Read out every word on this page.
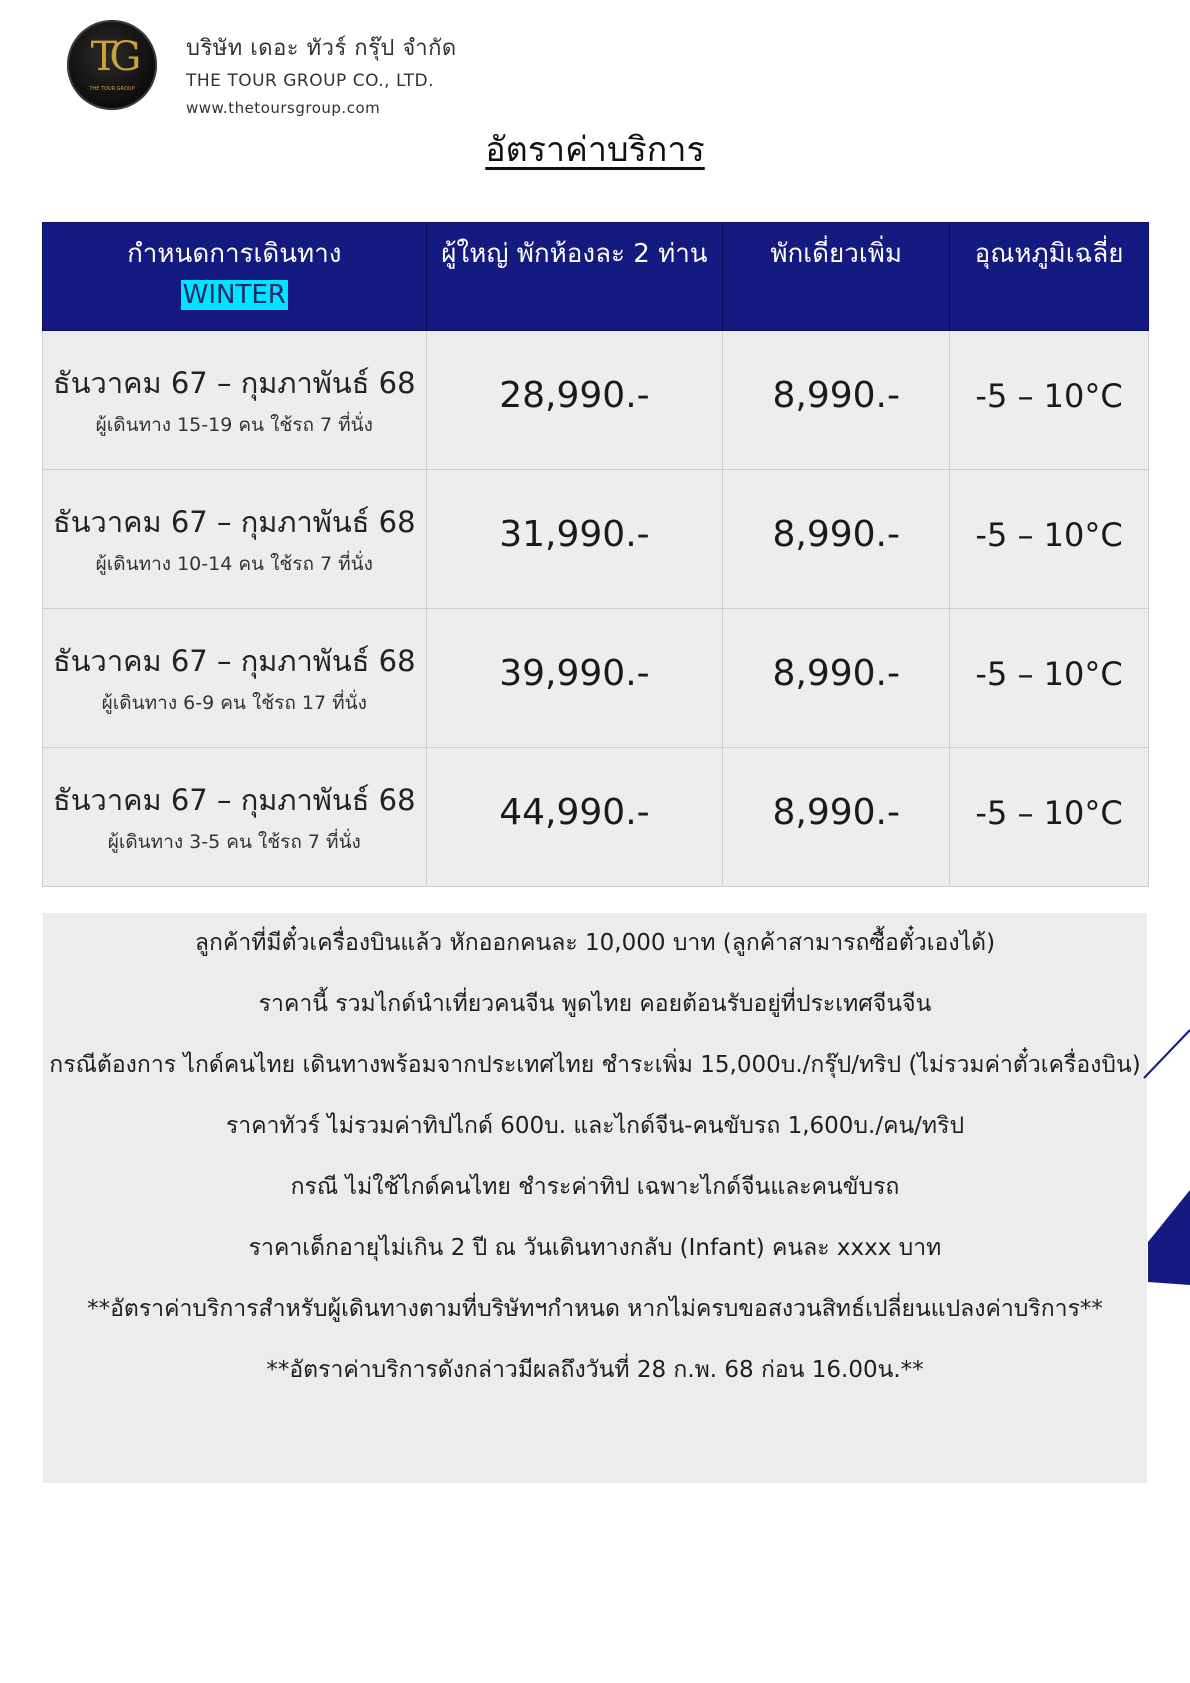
TG
THE TOUR GROUP
บริษัท เดอะ ทัวร์ กรุ๊ป จำกัด
THE TOUR GROUP CO., LTD.
www.thetoursgroup.com
อัตราค่าบริการ
กำหนดการเดินทาง
WINTER	ผู้ใหญ่ พักห้องละ 2 ท่าน	พักเดี่ยวเพิ่ม	อุณหภูมิเฉลี่ย

ธันวาคม 67 – กุมภาพันธ์ 68
ผู้เดินทาง 15-19 คน ใช้รถ 7 ที่นั่ง	28,990.-	8,990.-	-5 – 10°C

ธันวาคม 67 – กุมภาพันธ์ 68
ผู้เดินทาง 10-14 คน ใช้รถ 7 ที่นั่ง	31,990.-	8,990.-	-5 – 10°C

ธันวาคม 67 – กุมภาพันธ์ 68
ผู้เดินทาง 6-9 คน ใช้รถ 17 ที่นั่ง	39,990.-	8,990.-	-5 – 10°C

ธันวาคม 67 – กุมภาพันธ์ 68
ผู้เดินทาง 3-5 คน ใช้รถ 7 ที่นั่ง	44,990.-	8,990.-	-5 – 10°C
ลูกค้าที่มีตั๋วเครื่องบินแล้ว หักออกคนละ 10,000 บาท (ลูกค้าสามารถซื้อตั๋วเองได้)
ราคานี้ รวมไกด์นำเที่ยวคนจีน พูดไทย คอยต้อนรับอยู่ที่ประเทศจีนจีน
กรณีต้องการ ไกด์คนไทย เดินทางพร้อมจากประเทศไทย ชำระเพิ่ม 15,000บ./กรุ๊ป/ทริป (ไม่รวมค่าตั๋วเครื่องบิน)
ราคาทัวร์ ไม่รวมค่าทิปไกด์ 600บ. และไกด์จีน-คนขับรถ 1,600บ./คน/ทริป
กรณี ไม่ใช้ไกด์คนไทย ชำระค่าทิป เฉพาะไกด์จีนและคนขับรถ
ราคาเด็กอายุไม่เกิน 2 ปี ณ วันเดินทางกลับ (Infant) คนละ xxxx บาท
**อัตราค่าบริการสำหรับผู้เดินทางตามที่บริษัทฯกำหนด หากไม่ครบขอสงวนสิทธ์เปลี่ยนแปลงค่าบริการ**
**อัตราค่าบริการดังกล่าวมีผลถึงวันที่ 28 ก.พ. 68 ก่อน 16.00น.**
